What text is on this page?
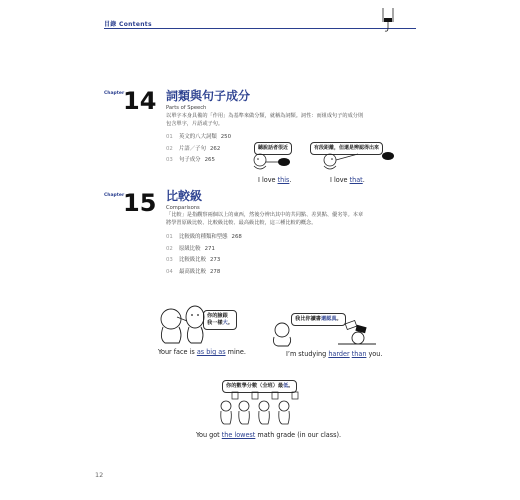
目錄 Contents
Chapter
14 詞類與句子成分
Parts of Speech
以單字本身具備的「作用」為基準來做分類，就稱為詞類。詞性：而組成句子的成分則
包含單字，片語或子句。
01 英文的八大詞類 250
02 片語／子句 262
03 句子成分 265
聽說話者很近
I love this.
有段距離，但還是辨認得出來
I love that.
Chapter
15 比較級
Comparisons
「比較」是指觀察兩個以上的東西，然後分辨出其中的共同點、差異點、優劣等。本章
將學習原級比較、比較級比較、最高級比較，這三種比較的概念。
01 比較級的種類和型態 268
02 原級比較 271
03 比較級比較 273
04 最高級比較 278
你的臉跟
我一樣大。
Your face is as big as mine.
我比你讀書還認真。
I’m studying harder than you.
你的數學分數（全班）最低。
You got the lowest math grade (in our class).
12
